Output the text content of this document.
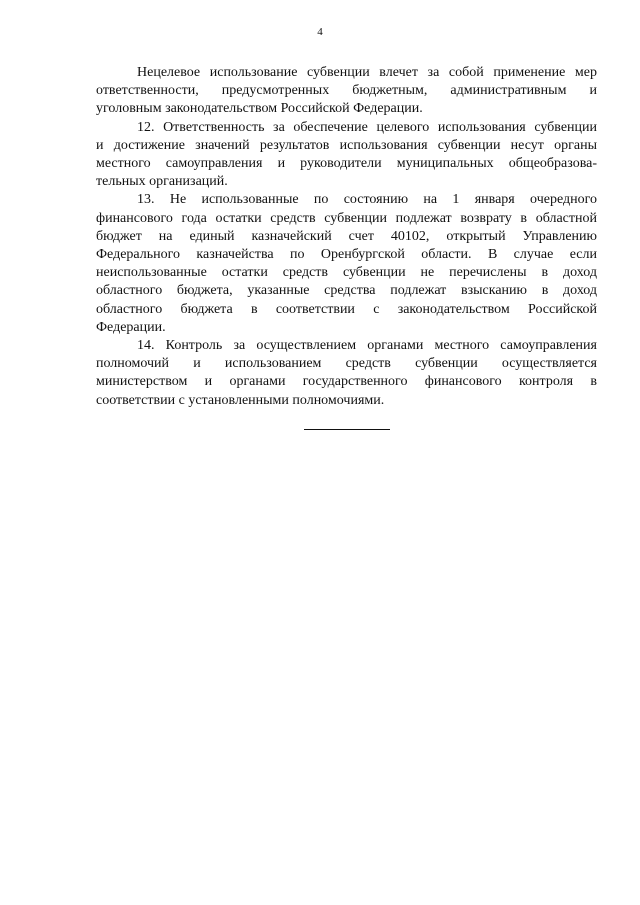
4
Нецелевое использование субвенции влечет за собой применение мер
ответственности, предусмотренных бюджетным, административным и
уголовным законодательством Российской Федерации.
12. Ответственность за обеспечение целевого использования субвенции
и достижение значений результатов использования субвенции несут органы
местного самоуправления и руководители муниципальных общеобразова-
тельных организаций.
13. Не использованные по состоянию на 1 января очередного
финансового года остатки средств субвенции подлежат возврату в областной
бюджет на единый казначейский счет 40102, открытый Управлению
Федерального казначейства по Оренбургской области. В случае если
неиспользованные остатки средств субвенции не перечислены в доход
областного бюджета, указанные средства подлежат взысканию в доход
областного бюджета в соответствии с законодательством Российской
Федерации.
14. Контроль за осуществлением органами местного самоуправления
полномочий и использованием средств субвенции осуществляется
министерством и органами государственного финансового контроля в
соответствии с установленными полномочиями.
